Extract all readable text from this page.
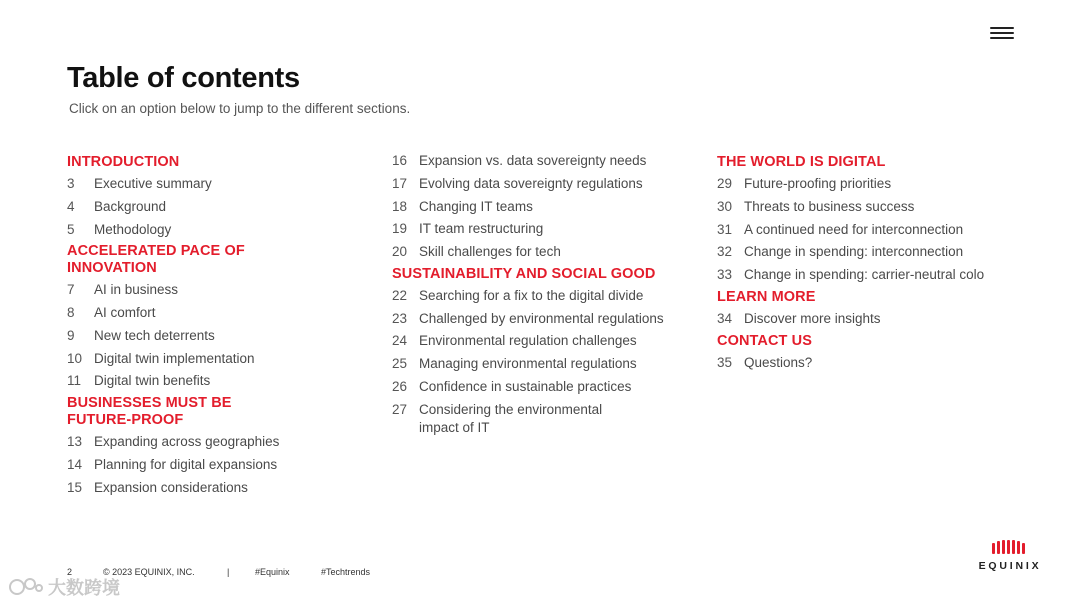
Table of contents
Click on an option below to jump to the different sections.
INTRODUCTION
3	Executive summary
4	Background
5	Methodology
ACCELERATED PACE OF INNOVATION
7	AI in business
8	AI comfort
9	New tech deterrents
10 Digital twin implementation
11 Digital twin benefits
BUSINESSES MUST BE FUTURE-PROOF
13 Expanding across geographies
14 Planning for digital expansions
15 Expansion considerations
16 Expansion vs. data sovereignty needs
17 Evolving data sovereignty regulations
18 Changing IT teams
19 IT team restructuring
20 Skill challenges for tech
SUSTAINABILITY AND SOCIAL GOOD
22 Searching for a fix to the digital divide
23 Challenged by environmental regulations
24 Environmental regulation challenges
25 Managing environmental regulations
26 Confidence in sustainable practices
27 Considering the environmental impact of IT
THE WORLD IS DIGITAL
29 Future-proofing priorities
30 Threats to business success
31 A continued need for interconnection
32 Change in spending: interconnection
33 Change in spending: carrier-neutral colo
LEARN MORE
34 Discover more insights
CONTACT US
35 Questions?
2	© 2023 EQUINIX, INC.	|	#Equinix	#Techtrends	EQUINIX
大数跨境
